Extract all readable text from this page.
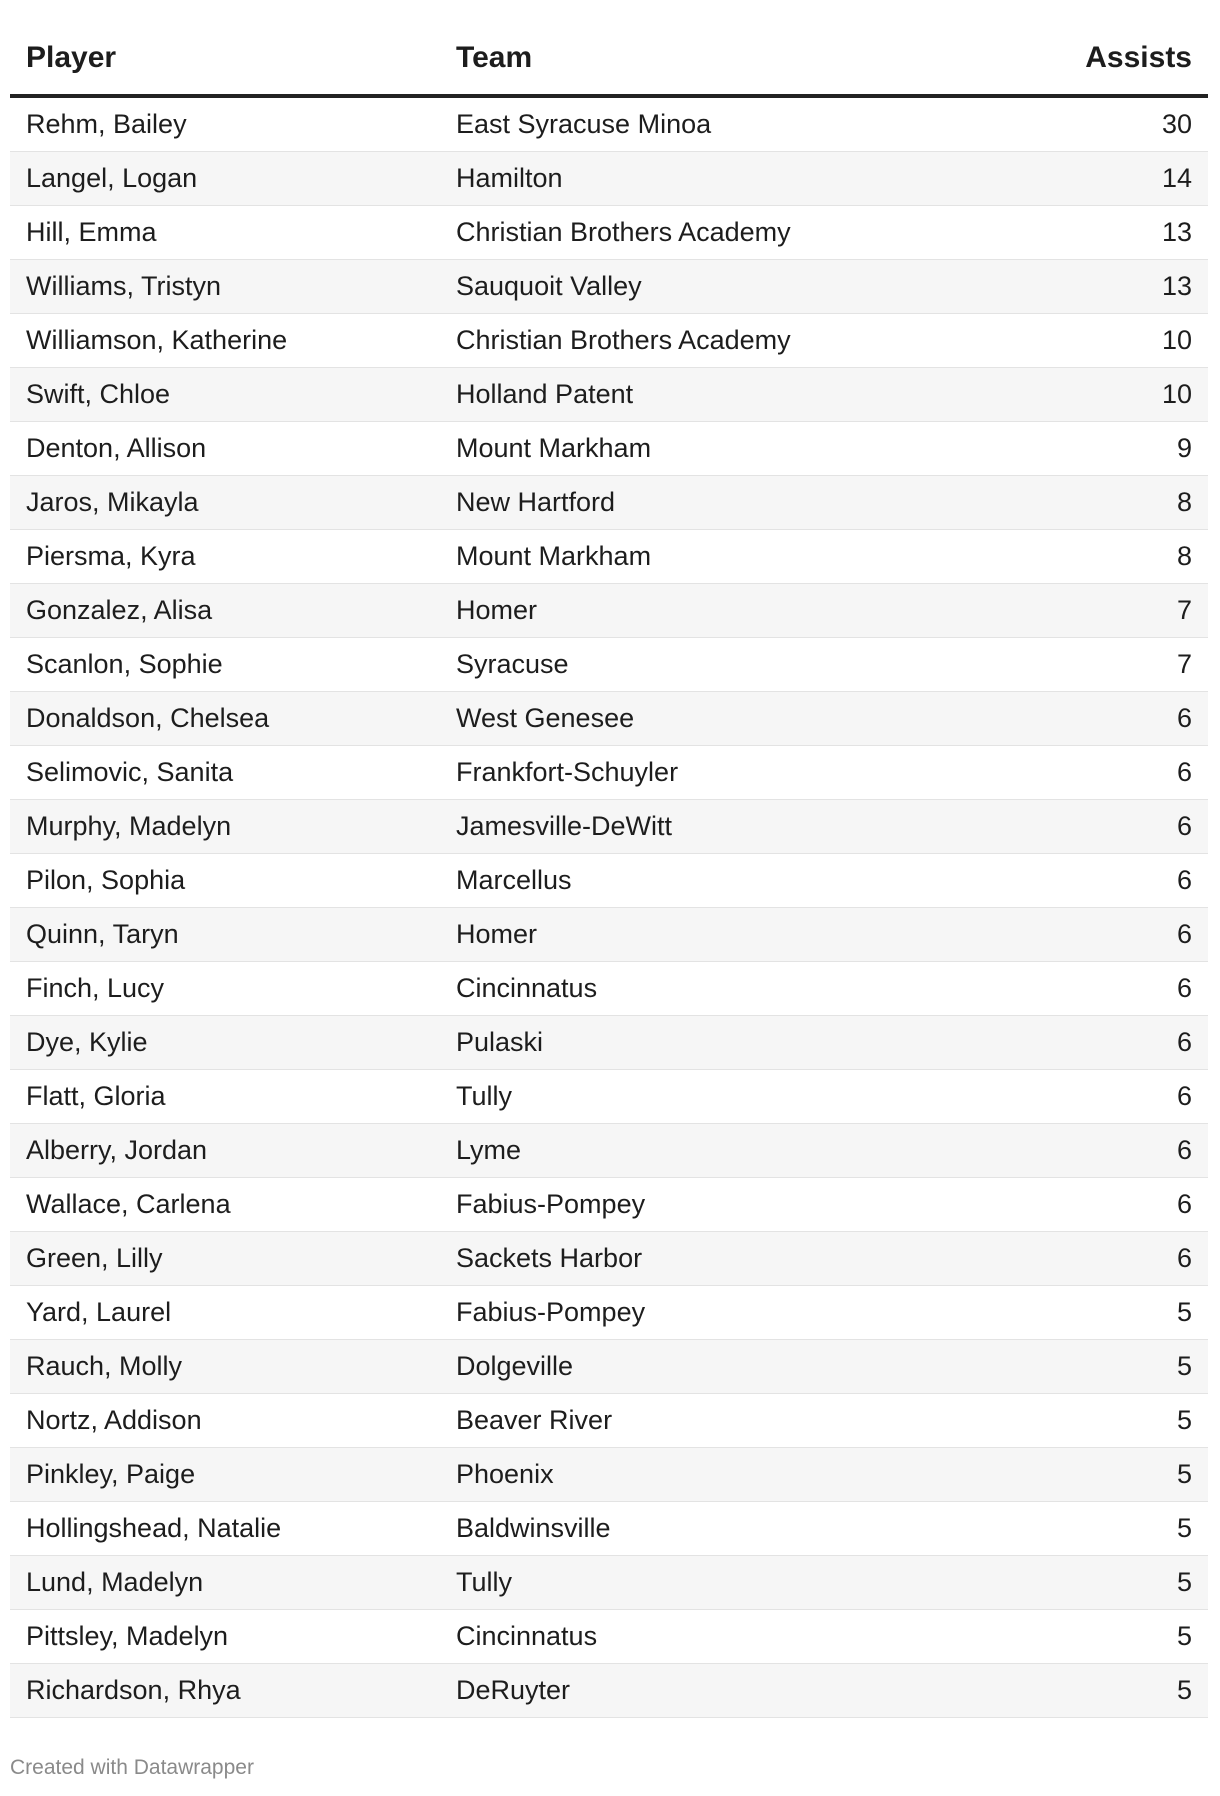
Player	Team	Assists
Rehm, Bailey	East Syracuse Minoa	30
Langel, Logan	Hamilton	14
Hill, Emma	Christian Brothers Academy	13
Williams, Tristyn	Sauquoit Valley	13
Williamson, Katherine	Christian Brothers Academy	10
Swift, Chloe	Holland Patent	10
Denton, Allison	Mount Markham	9
Jaros, Mikayla	New Hartford	8
Piersma, Kyra	Mount Markham	8
Gonzalez, Alisa	Homer	7
Scanlon, Sophie	Syracuse	7
Donaldson, Chelsea	West Genesee	6
Selimovic, Sanita	Frankfort-Schuyler	6
Murphy, Madelyn	Jamesville-DeWitt	6
Pilon, Sophia	Marcellus	6
Quinn, Taryn	Homer	6
Finch, Lucy	Cincinnatus	6
Dye, Kylie	Pulaski	6
Flatt, Gloria	Tully	6
Alberry, Jordan	Lyme	6
Wallace, Carlena	Fabius-Pompey	6
Green, Lilly	Sackets Harbor	6
Yard, Laurel	Fabius-Pompey	5
Rauch, Molly	Dolgeville	5
Nortz, Addison	Beaver River	5
Pinkley, Paige	Phoenix	5
Hollingshead, Natalie	Baldwinsville	5
Lund, Madelyn	Tully	5
Pittsley, Madelyn	Cincinnatus	5
Richardson, Rhya	DeRuyter	5
Created with Datawrapper
